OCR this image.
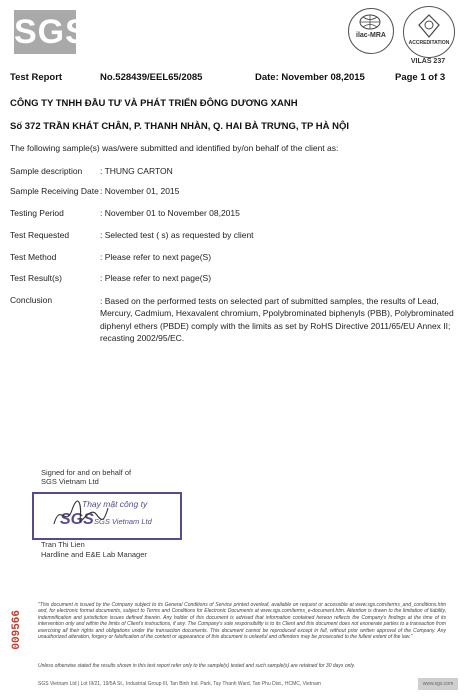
SGS	ilac-MRA
ACCREDITATION
VILAS 237
Test Report	No.528439/EEL65/2085	Date: November 08,2015	Page 1 of 3
CÔNG TY TNHH ĐẦU TƯ VÀ PHÁT TRIỂN ĐÔNG DƯƠNG XANH
Số 372 TRẦN KHÁT CHÂN, P. THANH NHÀN, Q. HAI BÀ TRƯNG, TP HÀ NỘI
The following sample(s) was/were submitted and identified by/on behalf of the client as:
Sample description	: THUNG CARTON
Sample Receiving Date : November 01, 2015
Testing Period	: November 01 to November 08,2015
Test Requested	: Selected test ( s) as requested by client
Test Method	: Please refer to next page(S)
Test Result(s)	: Please refer to next page(S)
Conclusion	: Based on the performed tests on selected part of submitted samples, the results of Lead, Mercury, Cadmium, Hexavalent chromium, Ppolybrominated biphenyls (PBB), Polybrominated diphenyl ethers (PBDE) comply with the limits as set by RoHS Directive 2011/65/EU Annex II; recasting 2002/95/EC.
Signed for and on behalf of
SGS Vietnam Ltd
Thay mặt công ty
SGS SGS Vietnam Ltd
Tran Thi Lien
Hardline and E&E Lab Manager
009566
"This document is issued by the Company subject to its General Conditions of Service printed overleaf, available on request or accessible at www.sgs.com/terms_and_conditions.htm and, for electronic format documents, subject to Terms and Conditions for Electronic Documents at www.sgs.com/terms_e-document.htm. Attention is drawn to the limitation of liability, indemnification and jurisdiction issues defined therein. Any holder of this document is advised that information contained hereon reflects the Company's findings at the time of its intervention only and within the limits of Client's instructions, if any. The Company's sole responsibility is to its Client and this document does not exonerate parties to a transaction from exercising all their rights and obligations under the transaction documents. This document cannot be reproduced except in full, without prior written approval of the Company. Any unauthorized alteration, forgery or falsification of the content or appearance of this document is unlawful and offenders may be prosecuted to the fullest extent of the law."
Unless otherwise stated the results shown in this test report refer only to the sample(s) tested and such sample(s) are retained for 30 days only.
SGS Vietnam Ltd | Lot III/21, 19/5A St., Industrial Group III, Tan Binh Ind. Park, Tay Thanh Ward, Tan Phu Dist., HCMC, Vietnam	www.sgs.com
